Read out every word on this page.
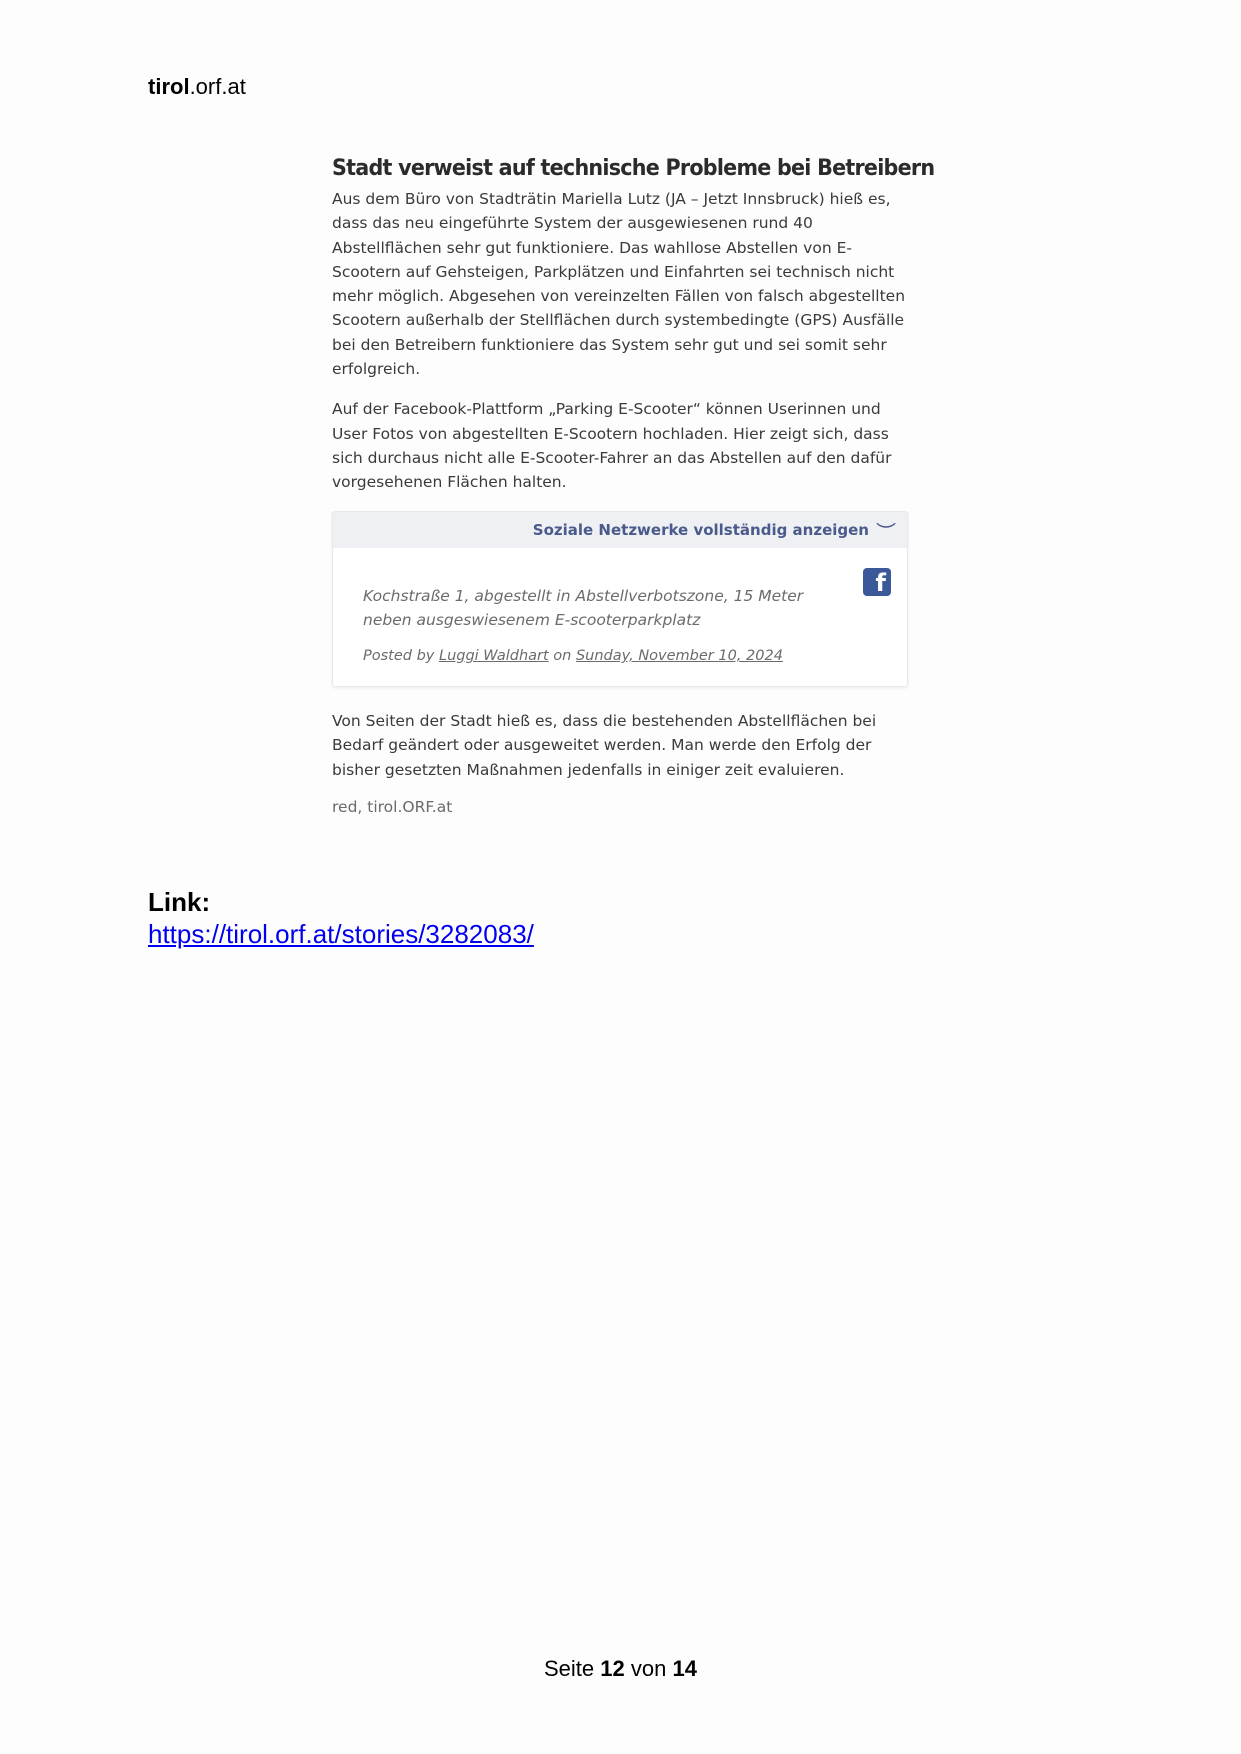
tirol.orf.at
Stadt verweist auf technische Probleme bei Betreibern

Aus dem Büro von Stadträtin Mariella Lutz (JA – Jetzt Innsbruck) hieß es, dass das neu eingeführte System der ausgewiesenen rund 40 Abstellflächen sehr gut funktioniere. Das wahllose Abstellen von E-Scootern auf Gehsteigen, Parkplätzen und Einfahrten sei technisch nicht mehr möglich. Abgesehen von vereinzelten Fällen von falsch abgestellten Scootern außerhalb der Stellflächen durch systembedingte (GPS) Ausfälle bei den Betreibern funktioniere das System sehr gut und sei somit sehr erfolgreich.

Auf der Facebook-Plattform „Parking E-Scooter“ können Userinnen und User Fotos von abgestellten E-Scootern hochladen. Hier zeigt sich, dass sich durchaus nicht alle E-Scooter-Fahrer an das Abstellen auf den dafür vorgesehenen Flächen halten.

Soziale Netzwerke vollständig anzeigen ︶
f

Kochstraße 1, abgestellt in Abstellverbotszone, 15 Meter neben ausgeswiesenem E-scooterparkplatz

Posted by Luggi Waldhart on Sunday, November 10, 2024

Von Seiten der Stadt hieß es, dass die bestehenden Abstellflächen bei Bedarf geändert oder ausgeweitet werden. Man werde den Erfolg der bisher gesetzten Maßnahmen jedenfalls in einiger zeit evaluieren.

red, tirol.ORF.at
Link:
https://tirol.orf.at/stories/3282083/
Seite 12 von 14
